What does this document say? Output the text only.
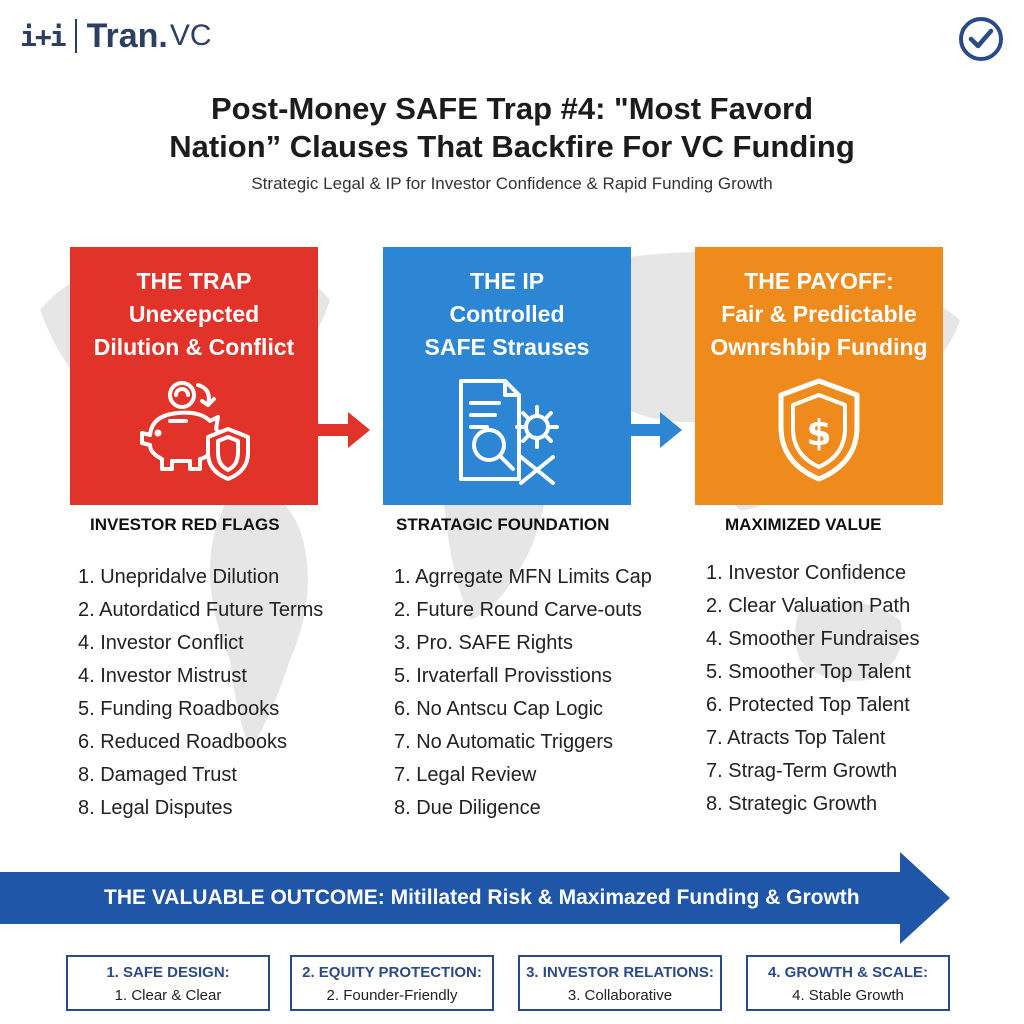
i+i Tran. VC
Post-Money SAFE Trap #4: "Most Favord
Nation” Clauses That Backfire For VC Funding
Strategic Legal & IP for Investor Confidence & Rapid Funding Growth
THE TRAP
Unexepcted
Dilution & Conflict
THE IP
Controlled
SAFE Strauses
THE PAYOFF:
Fair & Predictable
Ownrshbip Funding
$
INVESTOR RED FLAGS	STRATAGIC FOUNDATION	MAXIMIZED VALUE
1. Unepridalve Dilution
2. Autordaticd Future Terms
4. Investor Conflict
4. Investor Mistrust
5. Funding Roadbooks
6. Reduced Roadbooks
8. Damaged Trust
8. Legal Disputes
1. Agrregate MFN Limits Cap
2. Future Round Carve-outs
3. Pro. SAFE Rights
5. Irvaterfall Provisstions
6. No Antscu Cap Logic
7. No Automatic Triggers
7. Legal Review
8. Due Diligence
1. Investor Confidence
2. Clear Valuation Path
4. Smoother Fundraises
5. Smoother Top Talent
6. Protected Top Talent
7. Atracts Top Talent
7. Strag-Term Growth
8. Strategic Growth
THE VALUABLE OUTCOME: Mitillated Risk & Maximazed Funding & Growth
1. SAFE DESIGN:
1. Clear & Clear
2. EQUITY PROTECTION:
2. Founder-Friendly
3. INVESTOR RELATIONS:
3. Collaborative
4. GROWTH & SCALE:
4. Stable Growth
